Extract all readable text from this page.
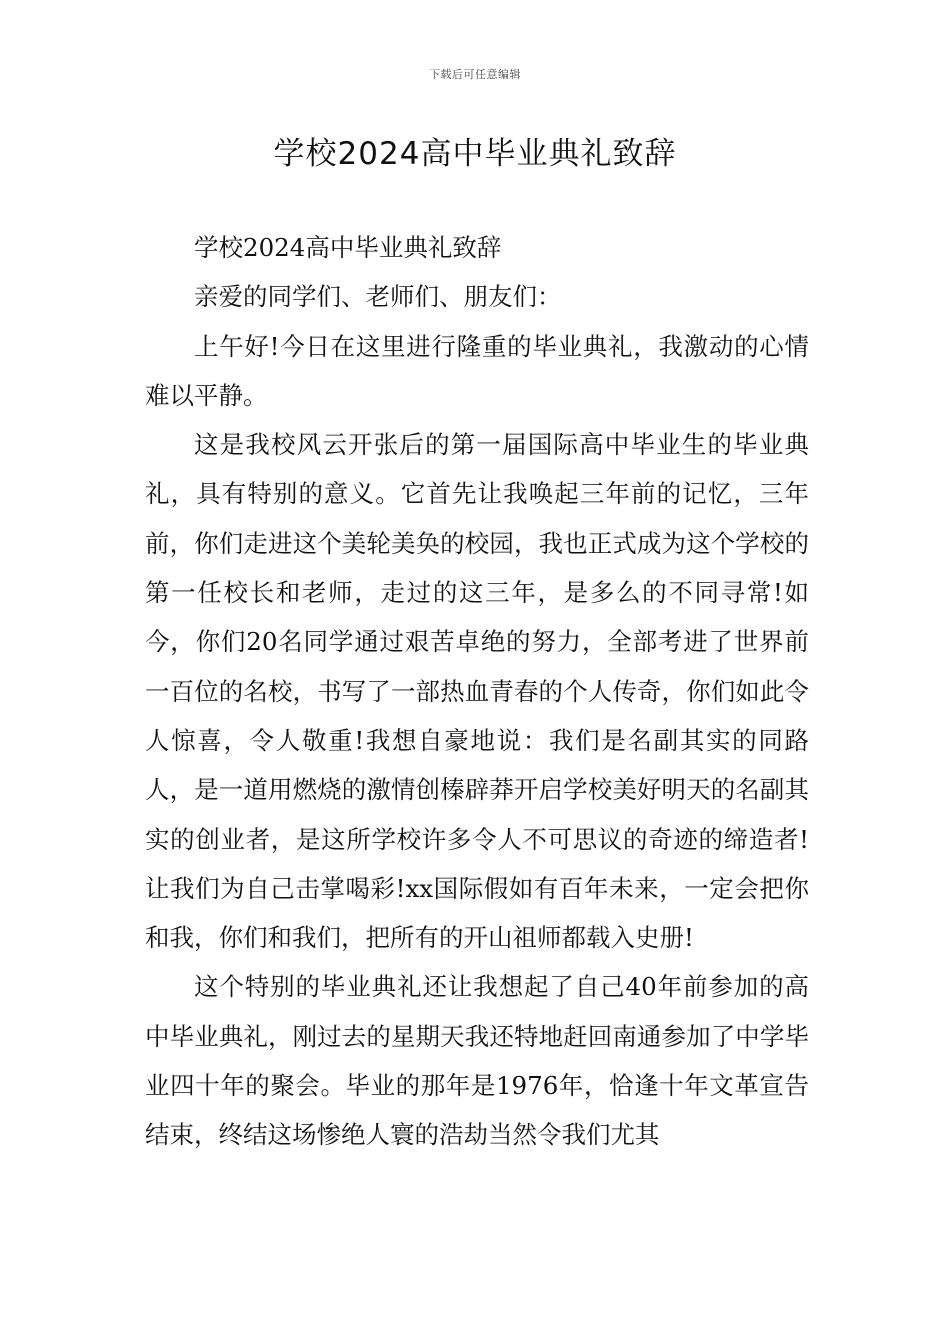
下载后可任意编辑
学校2024高中毕业典礼致辞

学校2024高中毕业典礼致辞

亲爱的同学们、老师们、朋友们：

上午好!今日在这里进行隆重的毕业典礼，我激动的心情难以平静。

这是我校风云开张后的第一届国际高中毕业生的毕业典礼，具有特别的意义。它首先让我唤起三年前的记忆，三年前，你们走进这个美轮美奂的校园，我也正式成为这个学校的第一任校长和老师，走过的这三年，是多么的不同寻常!如今，你们20名同学通过艰苦卓绝的努力，全部考进了世界前一百位的名校，书写了一部热血青春的个人传奇，你们如此令人惊喜，令人敬重!我想自豪地说：我们是名副其实的同路人，是一道用燃烧的激情创榛辟莽开启学校美好明天的名副其实的创业者，是这所学校许多令人不可思议的奇迹的缔造者!让我们为自己击掌喝彩!xx国际假如有百年未来，一定会把你和我，你们和我们，把所有的开山祖师都载入史册!

这个特别的毕业典礼还让我想起了自己40年前参加的高中毕业典礼，刚过去的星期天我还特地赶回南通参加了中学毕业四十年的聚会。毕业的那年是1976年，恰逢十年文革宣告结束，终结这场惨绝人寰的浩劫当然令我们尤其
